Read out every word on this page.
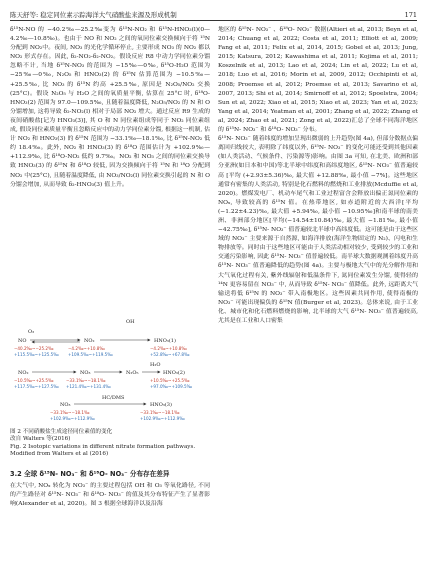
陈天舒等: 稳定同位素示踪海洋大气硝酸盐来源及形成机制	171
δ¹⁵N-NO 的 −40.2‰—25.2‰变为 δ¹⁵N-NO₂ 和 δ¹⁵N-HNO₃(l)(0—4.2‰—10.8‰)。也由于 NO 和 NO₂ 之间的氧同位素交换倾向于将 ¹⁵N 分配到 NO₂中。夜间, NO₃ 的光化学循环停止, 主要形成 NO₃ 的 NO₂ 都以 NO₂ 形式存在。因此, δ₂-NO₂-δ₂-NO₂。假设反应 R8 中动力学同位素分馏忽略不计, 当地 δ¹⁵N-NO₃ 的范围为 −15‰—0‰, δ¹⁵O-H₂O 范围为 −25‰—0‰, N₂O₅ 和 HNO₃(2) 的 δ¹⁵N 估算范围为 −10.5‰—+25.5‰, 比 NO₃ 的 δ¹⁵N 约高 +25.5‰, 原因是 N₂O₅/NO₂ 交换(25°C)。假设 N₂O₅ 与 H₂O 之间的氧质量平衡, 估算在 25°C 时, δ¹⁸O-HNO₃(2) 范围为 97.0—109.5‰, 且随着温度降低, N₂O₅/NO₂ 的 N 和 O 分馏增加, 这将导致 δ₂-NO₂(l) 相对于局部 NO₂ 增大。通过反应 R9 生成的夜间硝酸盐[记为 HNO₃(3)], 其 O 和 N 同位素组成等同于 NO₂ 同位素组成, 假设同位素质量平衡且忽略反应中的动力学同位素分馏, 根据这一机制, 估计 NO₂ 和 HNO₃(3) 的 δ¹⁵N 范围为 −33.1‰—18.1‰, 比 δ¹⁵N-NO₂ 低约 18.4‰。此外, NO₂ 和 HNO₃(3) 的 δ¹⁸O 范围估计为 +102.9‰—+112.9‰, 比 δ¹⁸O-NO₂ 低约 9.7‰。NO₂ 和 NO₃ 之间的同位素交换导致 HNO₃(3) 的 δ¹⁵N 和 δ¹⁸O 较低, 因为交换倾向于将 ¹⁵N 和 ¹⁸O 分配到 NO₂ 中(25°C), 且随着温度降低, 由 NO₃/NO₂(l) 同位素交换引起的 N 和 O 分馏会增加, 从而导致 δ₂-HNO₃(3) 值上升。
O₃
OH
NO	NO₂	HNO₃(1)
−40.2‰~−25.2‰
+115.5‰~+125.5‰
−4.2‰~+10.8‰
+109.5‰~+119.5‰
−4.2‰~+10.8‰
+52.8‰~+67.8‰
NO₂	NO₃	N₂O₅
H₂O
HNO₃(2)
−10.5‰~+25.5‰
+117.5‰~+127.5‰
−33.1‰~−18.1‰
+121.4‰~+131.4‰
+10.5‰~+25.5‰
+97.0‰~+109.5‰
NO₃
HC/DMS
HNO₃(3)
−33.1‰~−18.1‰
+102.9‰~+112.9‰
−33.1‰~−18.1‰
+102.9‰~+112.9‰
图 2 不同硝酸盐生成途径同位素值的变化
改自 Walters 等(2016)
Fig. 2 Isotopic variations in different nitrate formation pathways. Modified from Walters et al (2016)
3.2 全球 δ¹⁵N- NO₃⁻ 和 δ¹⁸O- NO₃⁻ 分布存在差异
在大气中, NOₓ 转化为 NO₃⁻ 的主要过程包括 OH 和 O₃ 等氧化路径, 不同的产生路径对 δ¹⁵N- NO₃⁻ 和 δ¹⁸O- NO₃⁻ 的值及其分布特征产生了显著影响(Alexander et al, 2020)。图 3 根据全球海洋以及沿海
地区的 δ¹⁵N- NO₃⁻ 、δ¹⁸O- NO₃⁻ 数据(Altieri et al, 2013; Beyn et al, 2014; Chuang et al, 2022; Costa et al, 2011; Elliott et al, 2009; Fang et al, 2011; Felix et al, 2014, 2015; Gobel et al, 2013; Jung, 2015; Katsura, 2012; Kawashima et al, 2011; Kojima et al, 2011; Koszelnik et al, 2013; Lao et al, 2024; Lin et al, 2022; Lu et al, 2018; Luo et al, 2016; Morin et al, 2009, 2012; Occhipinti et al, 2008; Proemse et al, 2012; Proemse et al, 2013; Savarino et al, 2007, 2013; Shi et al, 2014; Smirnoff et al, 2012; Spoelstra, 2004; Sun et al, 2022; Xiao et al, 2015; Xiao et al, 2023; Yan et al, 2023; Yang et al, 2014; Yeatman et al, 2001; Zhang et al, 2022; Zhang et al, 2024; Zhao et al, 2021; Zong et al, 2022)汇总了全球不同海洋地区的 δ¹⁵N- NO₃⁻ 和 δ¹⁸O- NO₃⁻ 分布。
δ¹⁵N- NO₃⁻ 随着纬度的增加呈现出微弱的上升趋势(图 4a), 但部分数据点偏离回归线较大, 表明除了纬度以外, δ¹⁵N- NO₃⁻ 的变化可能还受到其他因素(如人类活动、气候条件、污染源等)影响。由图 3a 可知, 在北美、欧洲和部分亚洲(如日本和中国)等北半球中纬度和高纬度地区, δ¹⁵N- NO₃⁻ 值普遍较高 [平均 (+2.93±5.36)‰, 最大值 +12.88‰, 最小值 −7%]。这些地区通常有密集的人类活动, 特别是化石燃料的燃烧和工业排放(Mcduffie et al, 2020)。燃煤发电厂、机动车尾气和工业过程富含会释放出偏正氮同位素的 NOₓ, 导致较高的 δ¹⁵N 值。在热带地区, 如赤道附近的大西洋[平均(−1.22±4.23)‰, 最大值 +5.94‰, 最小值 −10.95‰]和南半球的南美洲、非洲部分地区[平均(−14.54±10.84)‰, 最大值 −1.81‰, 最小值 −42.75‰], δ¹⁵N- NO₃⁻ 值普遍较北半球中高纬度低。这可能是由于这些区域的 NO₃⁻ 主要来源于自然源, 如海洋排放(海洋生物固定的 N₂)、闪电和生物排放等。同时由于这些地区可能由于人类活动相对较少, 受到较少的工业和交通污染影响, 因此 δ¹⁵N- NO₃⁻ 值普遍较低。南半球大数据观测着纬度升高 δ¹⁵N- NO₃⁻ 值普遍降低的趋势(图 4a)。主要与极地大气中的光分解作用和大气氧化过程有关, 紫外线辐射和低温条件下, 氮同位素发生分馏, 使得轻的 ¹⁴N 更容易留在 NO₃⁻ 中, 从而导致 δ¹⁵N- NO₃⁻ 值降低。此外, 远距离大气输送将低 δ¹⁵N 的 NO₃⁻ 带入南极地区。这些因素共同作用, 使得南极的 NO₃⁻ 可能出现偏负的 δ¹⁵N 值(Burger et al, 2023)。总体来说, 由于工业化、城市化和化石燃料燃烧的影响, 北半球的大气 δ¹⁵N- NO₃⁻ 值普遍较高, 尤其是在工业和人口密集
